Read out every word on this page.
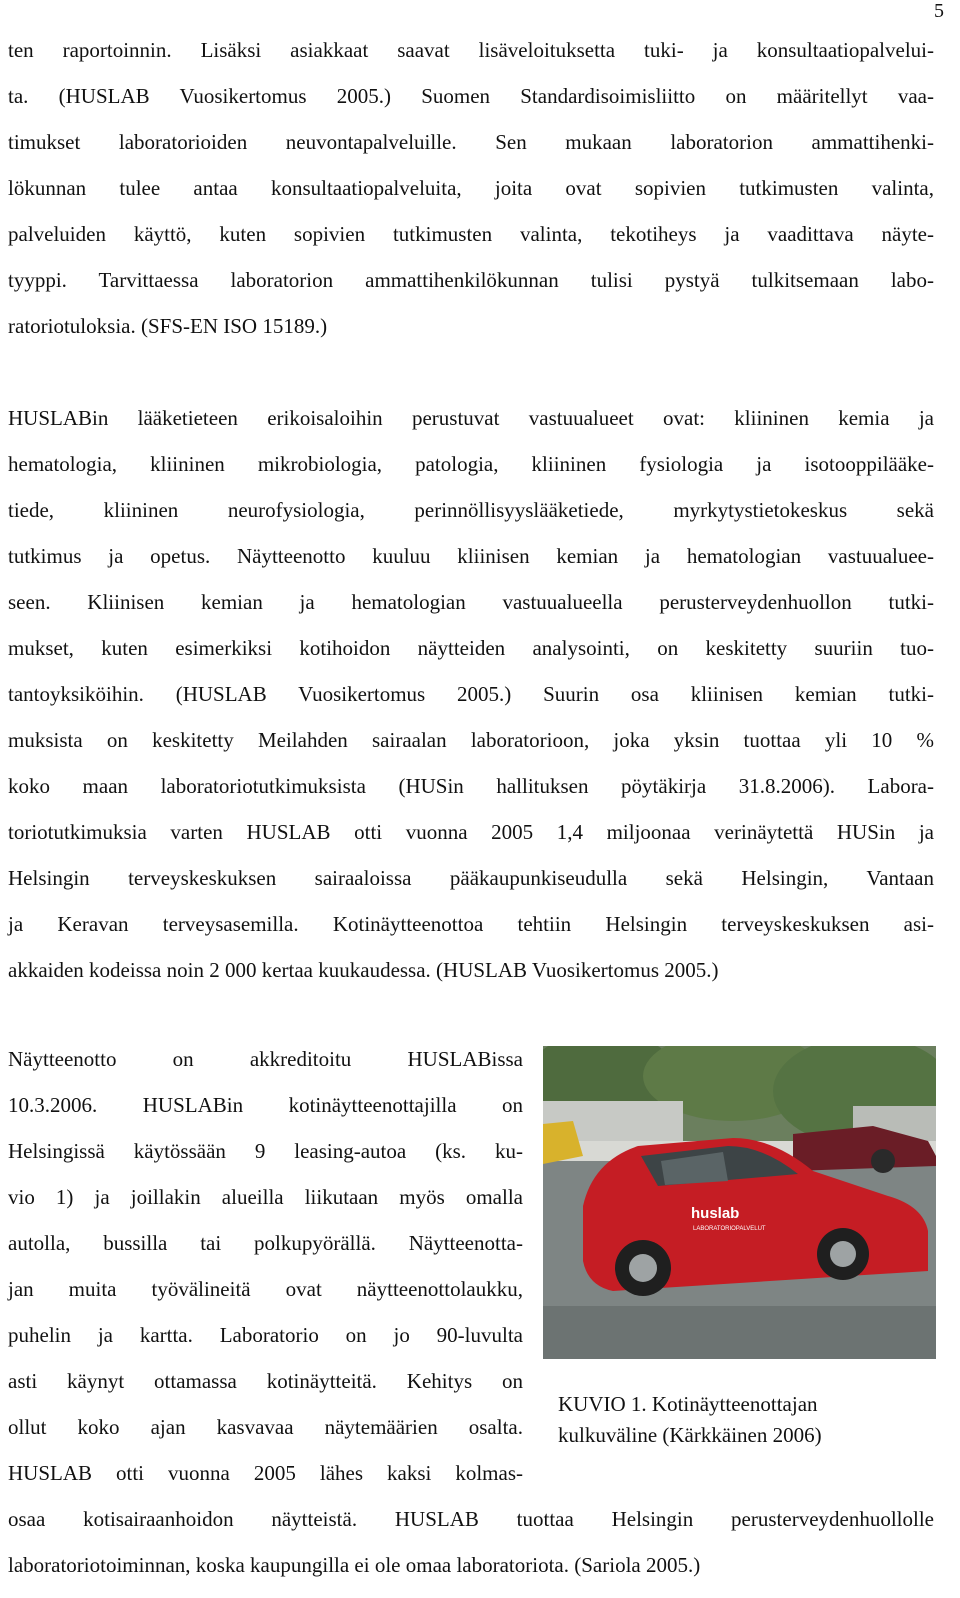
5
ten raportoinnin. Lisäksi asiakkaat saavat lisäveloituksetta tuki- ja konsultaatiopalvelui-
ta. (HUSLAB Vuosikertomus 2005.) Suomen Standardisoimisliitto on määritellyt vaa-
timukset laboratorioiden neuvontapalveluille. Sen mukaan laboratorion ammattihenki-
lökunnan tulee antaa konsultaatiopalveluita, joita ovat sopivien tutkimusten valinta,
palveluiden käyttö, kuten sopivien tutkimusten valinta, tekotiheys ja vaadittava näyte-
tyyppi. Tarvittaessa laboratorion ammattihenkilökunnan tulisi pystyä tulkitsemaan labo-
ratoriotuloksia. (SFS-EN ISO 15189.)
HUSLABin lääketieteen erikoisaloihin perustuvat vastuualueet ovat: kliininen kemia ja
hematologia, kliininen mikrobiologia, patologia, kliininen fysiologia ja isotooppilääke-
tiede, kliininen neurofysiologia, perinnöllisyyslääketiede, myrkytystietokeskus sekä
tutkimus ja opetus. Näytteenotto kuuluu kliinisen kemian ja hematologian vastuualuee-
seen. Kliinisen kemian ja hematologian vastuualueella perusterveydenhuollon tutki-
mukset, kuten esimerkiksi kotihoidon näytteiden analysointi, on keskitetty suuriin tuo-
tantoyksiköihin. (HUSLAB Vuosikertomus 2005.) Suurin osa kliinisen kemian tutki-
muksista on keskitetty Meilahden sairaalan laboratorioon, joka yksin tuottaa yli 10 %
koko maan laboratoriotutkimuksista (HUSin hallituksen pöytäkirja 31.8.2006). Labora-
toriotutkimuksia varten HUSLAB otti vuonna 2005 1,4 miljoonaa verinäytettä HUSin ja
Helsingin terveyskeskuksen sairaaloissa pääkaupunkiseudulla sekä Helsingin, Vantaan
ja Keravan terveysasemilla. Kotinäytteenottoa tehtiin Helsingin terveyskeskuksen asi-
akkaiden kodeissa noin 2 000 kertaa kuukaudessa. (HUSLAB Vuosikertomus 2005.)
Näytteenotto on akkreditoitu HUSLABissa
10.3.2006. HUSLABin kotinäytteenottajilla on
Helsingissä käytössään 9 leasing-autoa (ks. ku-
vio 1) ja joillakin alueilla liikutaan myös omalla
autolla, bussilla tai polkupyörällä. Näytteenotta-
jan muita työvälineitä ovat näytteenottolaukku,
puhelin ja kartta. Laboratorio on jo 90-luvulta
asti käynyt ottamassa kotinäytteitä. Kehitys on
ollut koko ajan kasvavaa näytemäärien osalta.
HUSLAB otti vuonna 2005 lähes kaksi kolmas-
osaa kotisairaanhoidon näytteistä. HUSLAB tuottaa Helsingin perusterveydenhuollolle
laboratoriotoiminnan, koska kaupungilla ei ole omaa laboratoriota. (Sariola 2005.)
huslab
LABORATORIOPALVELUT
KUVIO 1. Kotinäytteenottajan
kulkuväline (Kärkkäinen 2006)
